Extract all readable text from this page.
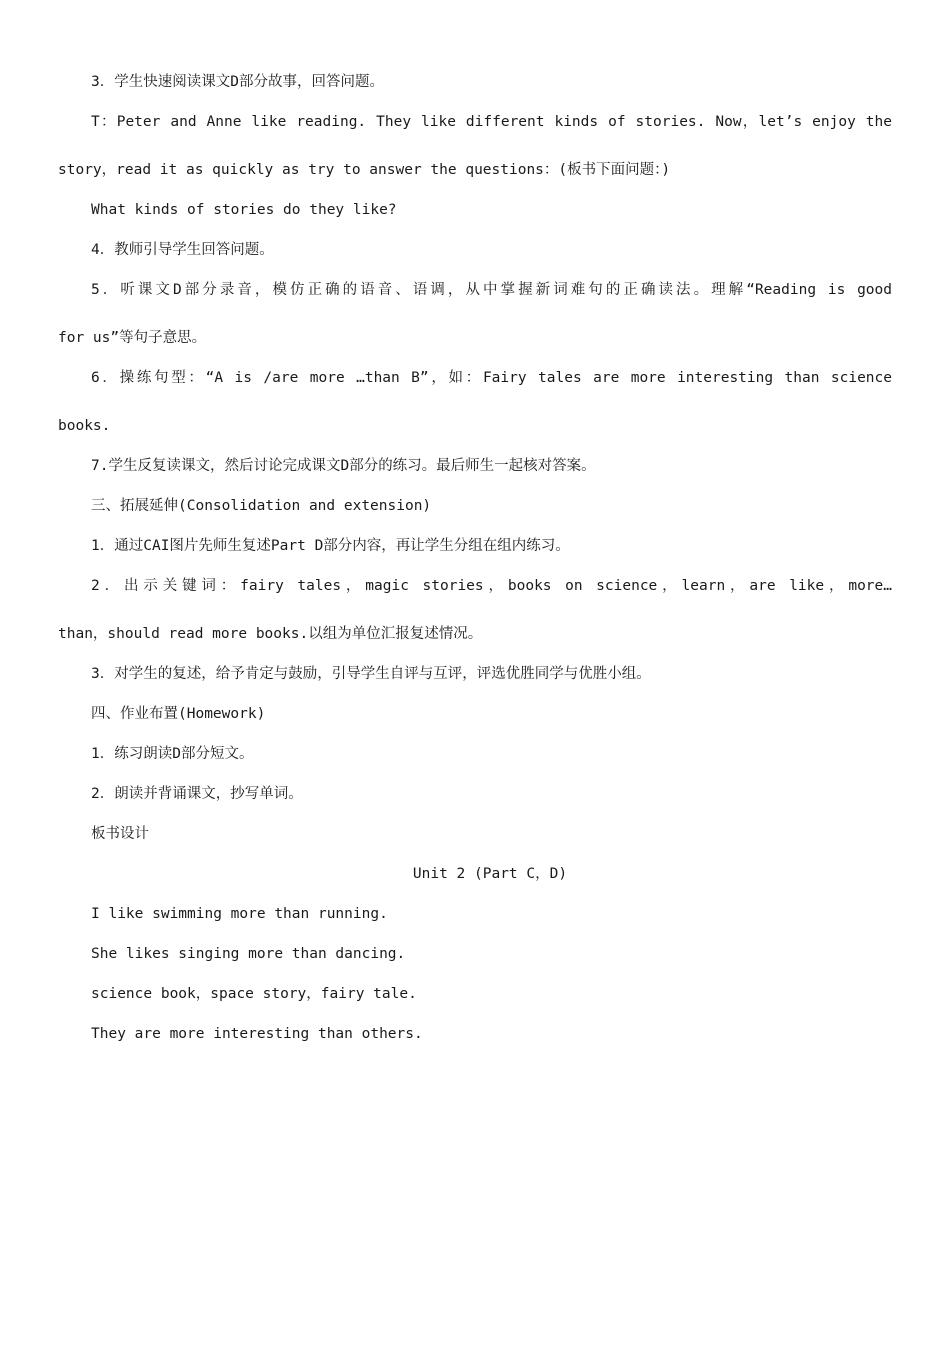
3．学生快速阅读课文D部分故事，回答问题。

T：Peter and Anne like reading. They like different kinds of stories. Now，let’s enjoy the

story，read it as quickly as try to answer the questions：(板书下面问题：)

What kinds of stories do they like?

4．教师引导学生回答问题。

5．听课文D部分录音，模仿正确的语音、语调，从中掌握新词难句的正确读法。理解“Reading is good

for us”等句子意思。

6．操练句型：“A is /are more …than B”，如：Fairy tales are more interesting than science

books.

7.学生反复读课文，然后讨论完成课文D部分的练习。最后师生一起核对答案。

三、拓展延伸(Consolidation and extension)

1．通过CAI图片先师生复述Part D部分内容，再让学生分组在组内练习。

2．出示关键词：fairy tales，magic stories，books on science，learn，are like，more…

than，should read more books.以组为单位汇报复述情况。

3．对学生的复述，给予肯定与鼓励，引导学生自评与互评，评选优胜同学与优胜小组。

四、作业布置(Homework)

1．练习朗读D部分短文。

2．朗读并背诵课文，抄写单词。

板书设计

Unit 2 (Part C，D)

I like swimming more than running.

She likes singing more than dancing.

science book，space story，fairy tale.

They are more interesting than others.
